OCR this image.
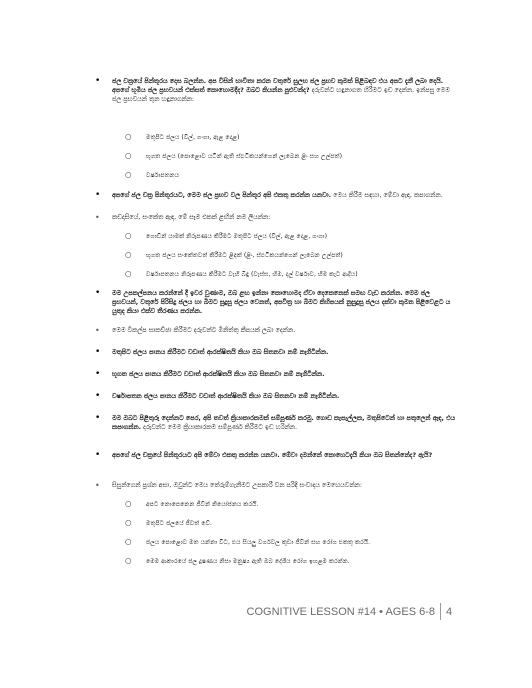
• ජල චක්‍රයේ පින්තූරය දෙස බලන්න. අප විසින් භාවිතා කරන වතුරේ සුලභ ජල ප්‍රභව කුමක් පිළිබඳව එය අපට දැනී ලබා දෙයි. අපගේ භූමිය ජල ප්‍රභවයන් එක්සත් කොහොමදීද? ඔබට කියන්න පුළුවන්ද? දරුවන්ට හඳුනාගත හිරීමට ඉඩ දෙන්න. ඉන්පසු මෙම ජල ප්‍රභවයන් තුන හඳුනාගන්න:
○ මතුපිට ජලය (වීල්, ගංගා, ඇළ දොළ)
○ භූගත ජලය (පොළොව යටින් ඇති ස්ඵටිකයන්ගෙන් ලැබෙන ළිං සහ උල්පත්)
○ වර්ෂාපතනය
• අපගේ ජල චක්‍ර පින්තූරයට, මෙම ජල ප්‍රභව වල පින්තූර අපි එකතු කරන්න යනවා. මෙය කිරීම සඳහා, මේවා ඇඳ, කපාගන්න.
• කඩදාසියේ, සංකේත ඇඳ, මේ සෑම එකක් ළඟින් නම ලියන්න:
○ ගොඩින් යාමක් නිරූපණය කිරීමට මතුපිට ජලය (වීල්, ඇළ දොළ, ගංගා)
○ භූගත ජලය සංකේතවත් කිරීමට ළිඳක් (ළිං, ස්ඵටිකයන්ගෙන් ලැබෙන උල්පත්)
○ වර්ෂාපතනය නිරූපණය කිරීමට වැහි බිඳු (වැස්ස, හිම, දල් වර්ෂාව, හිම කැට ආදිය)
• මම උපකල්පනය කරන්නේ දී ඉවර වුණාම, ඔබ ළඟ ඉන්නා කොහොමද ඒවා දෙකෙනෙක් සමඟ වැඩ කරන්න. මෙම ජල ප්‍රභවයන්, වතුරේ පිරිසිදු ජලය හා බීමට සුදුසු ජලය වෙනත්, අපවිත්‍ර හා බීමට කිහිපයක් නුසුදුසු ජලය දක්වා කුමන පිළිවෙළට ය යුතුද කියා එක්ව තීරණය කරන්න.
• මෙම විකල්ප සාකච්ඡා කිරීමට දරුවන්ට මිනිත්තු කීපයක් ලබා දෙන්න.
• මතුපිට ජලය පානය කිරීමට වඩාත් ආරක්ෂිතයි කියා ඔබ සිතනවා නම් නැගිටින්න.
• භූගත ජලය පානය කිරීමට වඩාත් ආරක්ෂිතයි කියා ඔබ සිතනවා නම් නැගිටින්න.
• වර්ෂාපතන ජලය පානය කිරීමට වඩාත් ආරක්ෂිතයි කියා ඔබ සිතනවා නම් නැගිටින්න.
• මම ඔබට පිළිතුරු දෙන්නට පෙර, අපි තවත් ක්‍රියාකාරකමක් සම්පූර්ණ කරමු. ගොඩ කැපැල්ලක, මතුපිටෙන් හා පතුලෙන් ඇඳ, එය කපාගන්න. දරුවන්ට මෙම ක්‍රියාකාරකම සම්පූර්ණ කිරීමට ඉඩ හරින්න.
• අපගේ ජල චක්‍රයේ පින්තූරයට අපි මේවා එකතු කරන්න යනවා. මේවා දමන්නේ කොහෙටදැයි කියා ඔබ සිතන්නේද? ඇයි?
• සිසුන්ගෙන් ප්‍රශ්න අසා, ඔවුන්ට මෙය තේරුම්ගැනීමට උපකාරී වන පරිදි සංවාදය මෙහෙයවන්න:
○ අපට නොපෙනෙන ජීවීන් නියෝජනය කරයි.
○ මතුපිට ජලයේ ජීවත් වේ.
○ ජලය පොළොව මත යන්නා විට, එය සියලු වර්ගවල කුඩා ජීවීන් සහ රෝග එකතු කරයි.
○ මෙම ආකාරයේ ජල දූෂණය නිසා මනුෂ්‍ය ඇති ඔබ දේශීය රෝග ඉහළම කරන්න.
COGNITIVE LESSON #14 • AGES 6-8 4
